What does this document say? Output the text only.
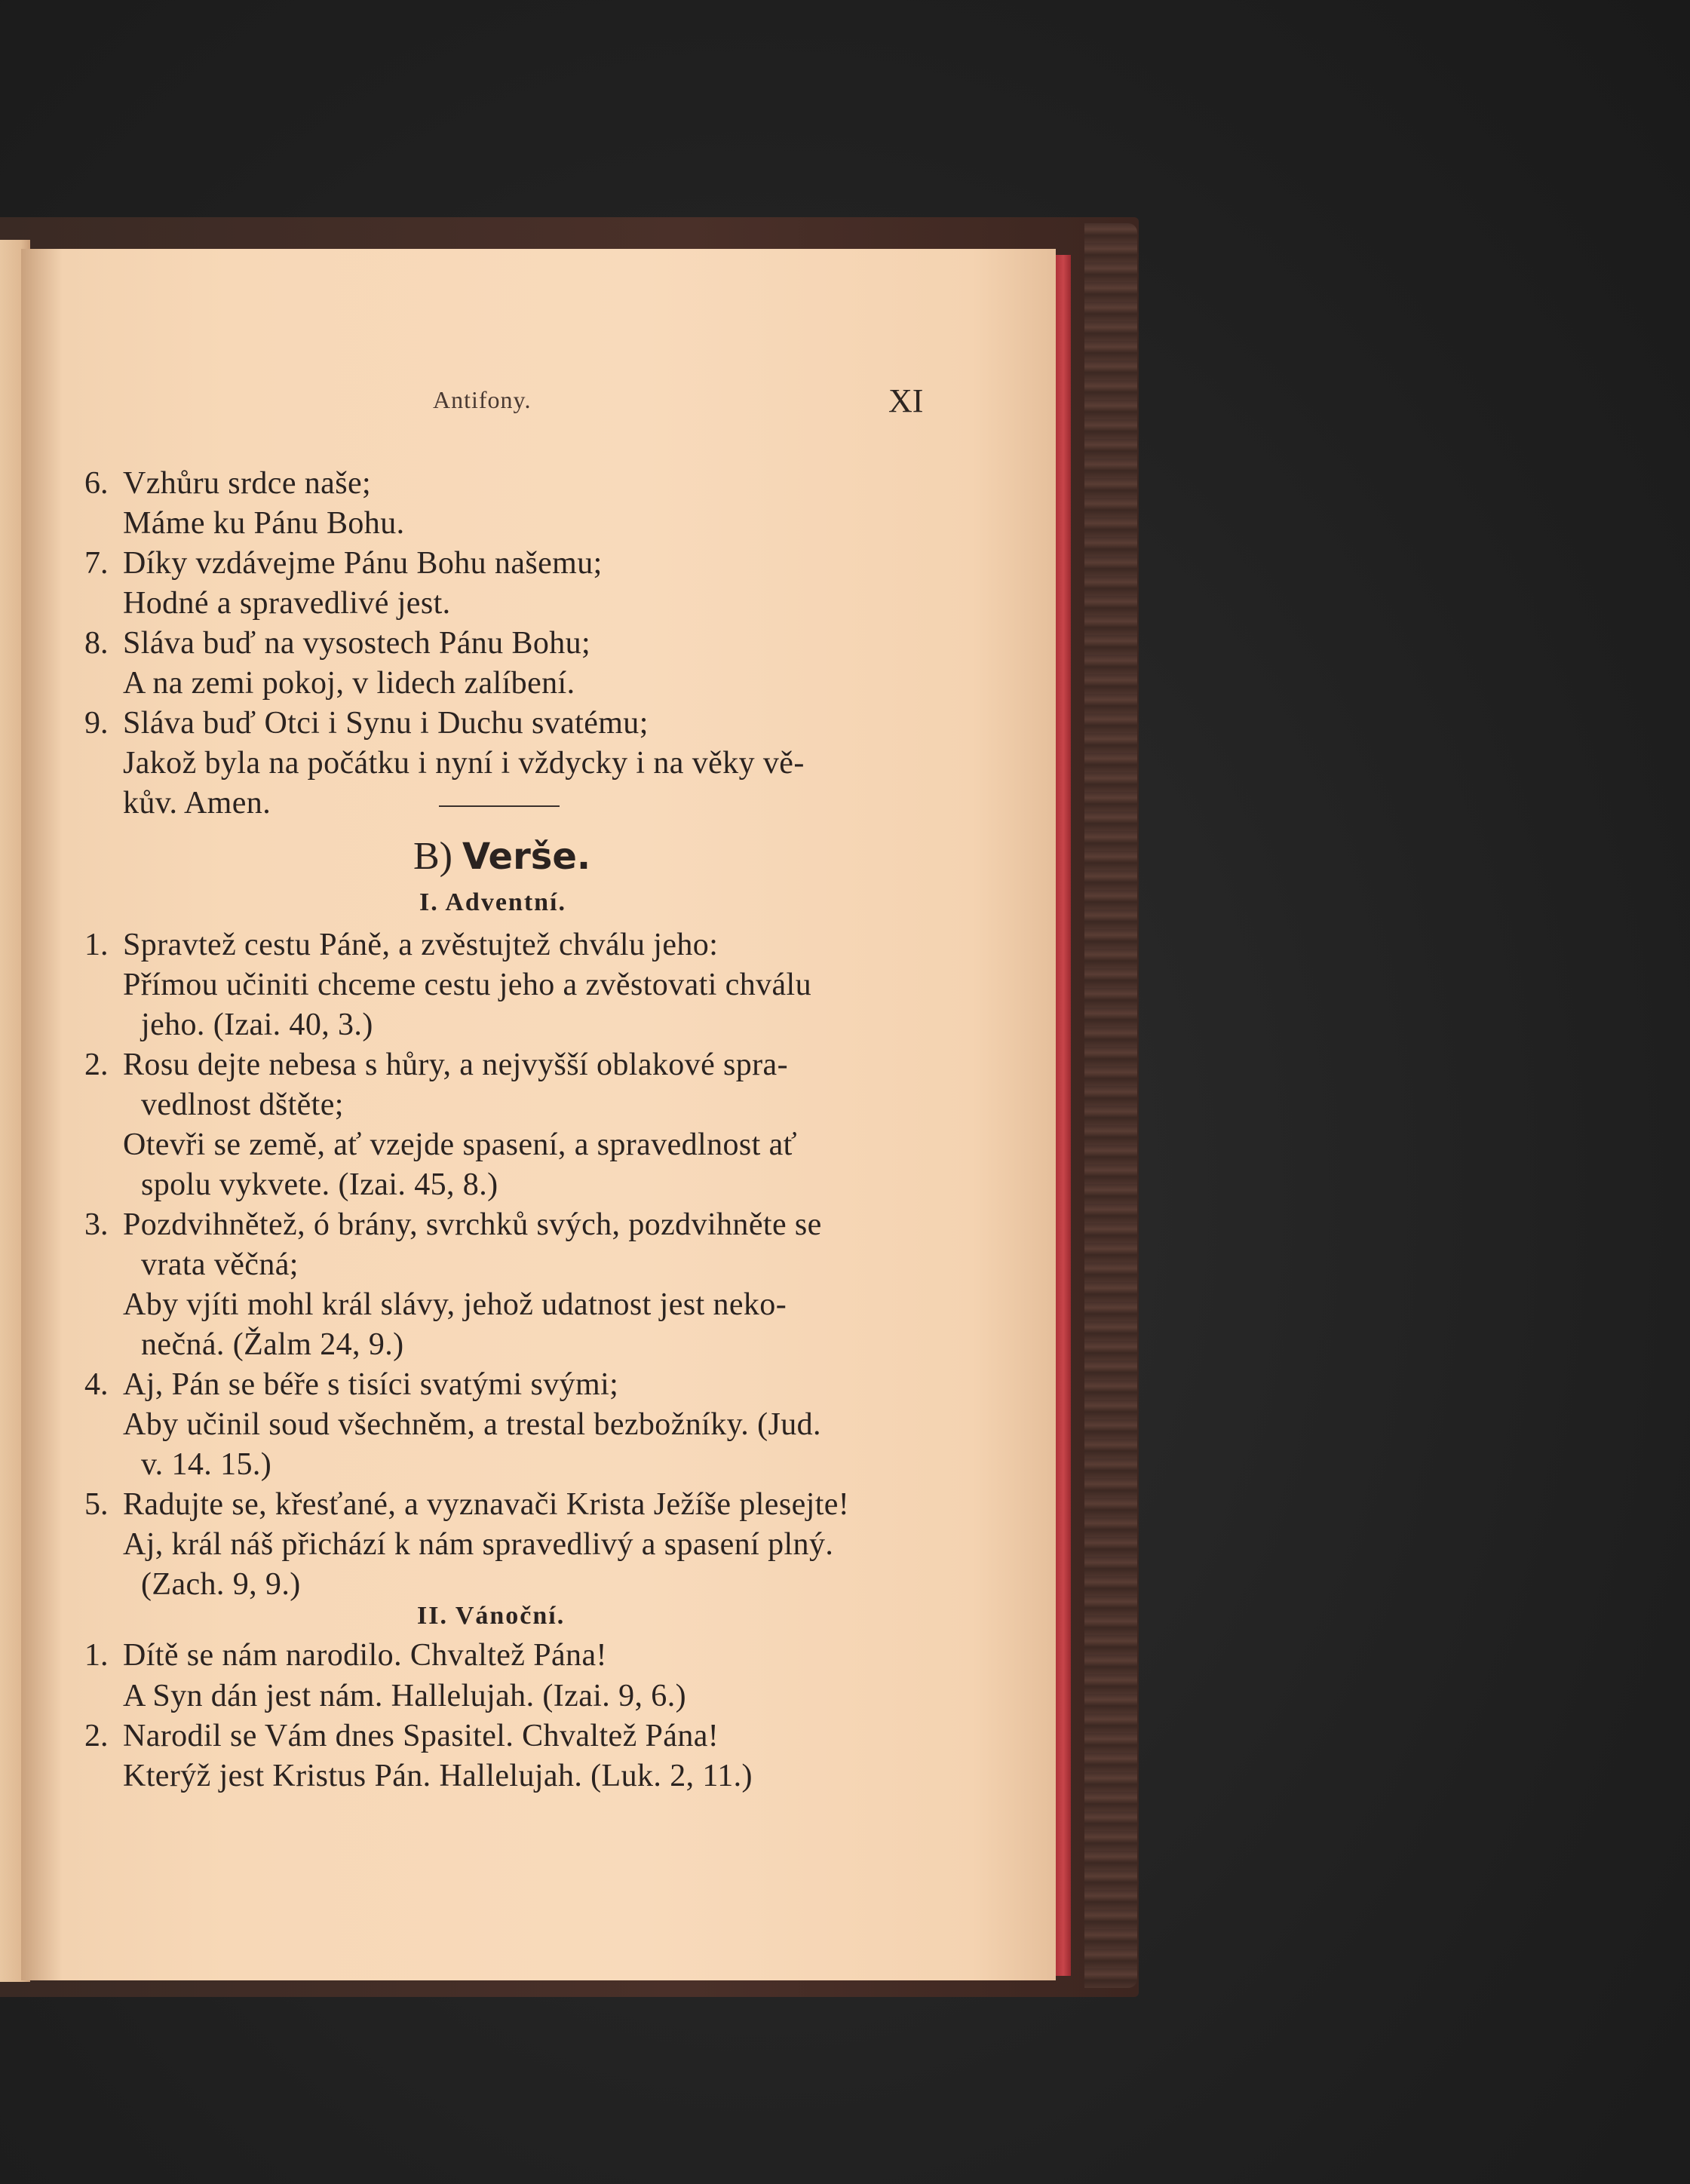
Antifony.	XI
6. Vzhůru srdce naše;
Máme ku Pánu Bohu.
7. Díky vzdávejme Pánu Bohu našemu;
Hodné a spravedlivé jest.
8. Sláva buď na vysostech Pánu Bohu;
A na zemi pokoj, v lidech zalíbení.
9. Sláva buď Otci i Synu i Duchu svatému;
Jakož byla na počátku i nyní i vždycky i na věky vě-
kův. Amen.
B) Verše.
I. Adventní.
1. Spravtež cestu Páně, a zvěstujtež chválu jeho:
Přímou učiniti chceme cestu jeho a zvěstovati chválu
jeho. (Izai. 40, 3.)
2. Rosu dejte nebesa s hůry, a nejvyšší oblakové spra-
vedlnost dštěte;
Otevři se země, ať vzejde spasení, a spravedlnost ať
spolu vykvete. (Izai. 45, 8.)
3. Pozdvihnětež, ó brány, svrchků svých, pozdvihněte se
vrata věčná;
Aby vjíti mohl král slávy, jehož udatnost jest neko-
nečná. (Žalm 24, 9.)
4. Aj, Pán se béře s tisíci svatými svými;
Aby učinil soud všechněm, a trestal bezbožníky. (Jud.
v. 14. 15.)
5. Radujte se, křesťané, a vyznavači Krista Ježíše plesejte!
Aj, král náš přichází k nám spravedlivý a spasení plný.
(Zach. 9, 9.)
II. Vánoční.
1. Dítě se nám narodilo. Chvaltež Pána!
A Syn dán jest nám. Hallelujah. (Izai. 9, 6.)
2. Narodil se Vám dnes Spasitel. Chvaltež Pána!
Kterýž jest Kristus Pán. Hallelujah. (Luk. 2, 11.)
